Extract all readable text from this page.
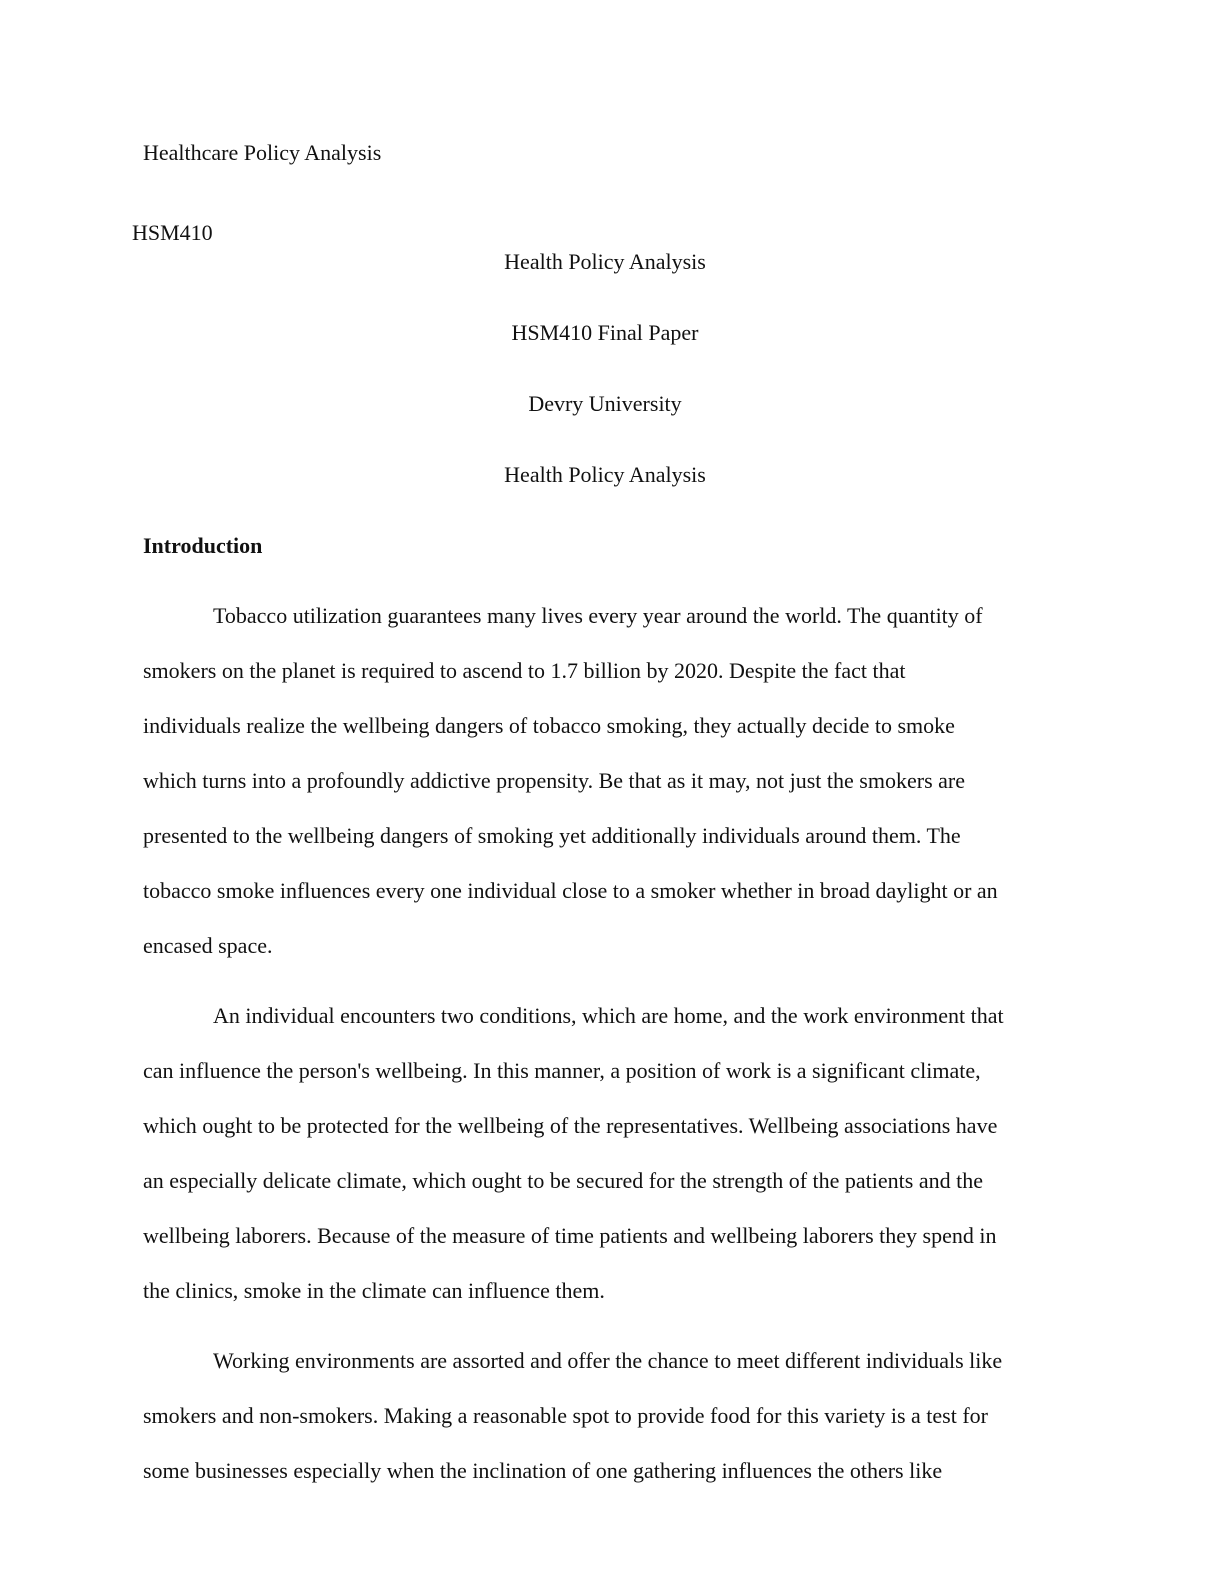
Healthcare Policy Analysis
HSM410
Health Policy Analysis
HSM410 Final Paper
Devry University
Health Policy Analysis
Introduction

Tobacco utilization guarantees many lives every year around the world. The quantity of
smokers on the planet is required to ascend to 1.7 billion by 2020. Despite the fact that
individuals realize the wellbeing dangers of tobacco smoking, they actually decide to smoke
which turns into a profoundly addictive propensity. Be that as it may, not just the smokers are
presented to the wellbeing dangers of smoking yet additionally individuals around them. The
tobacco smoke influences every one individual close to a smoker whether in broad daylight or an
encased space.

An individual encounters two conditions, which are home, and the work environment that
can influence the person's wellbeing. In this manner, a position of work is a significant climate,
which ought to be protected for the wellbeing of the representatives. Wellbeing associations have
an especially delicate climate, which ought to be secured for the strength of the patients and the
wellbeing laborers. Because of the measure of time patients and wellbeing laborers they spend in
the clinics, smoke in the climate can influence them.

Working environments are assorted and offer the chance to meet different individuals like
smokers and non-smokers. Making a reasonable spot to provide food for this variety is a test for
some businesses especially when the inclination of one gathering influences the others like
